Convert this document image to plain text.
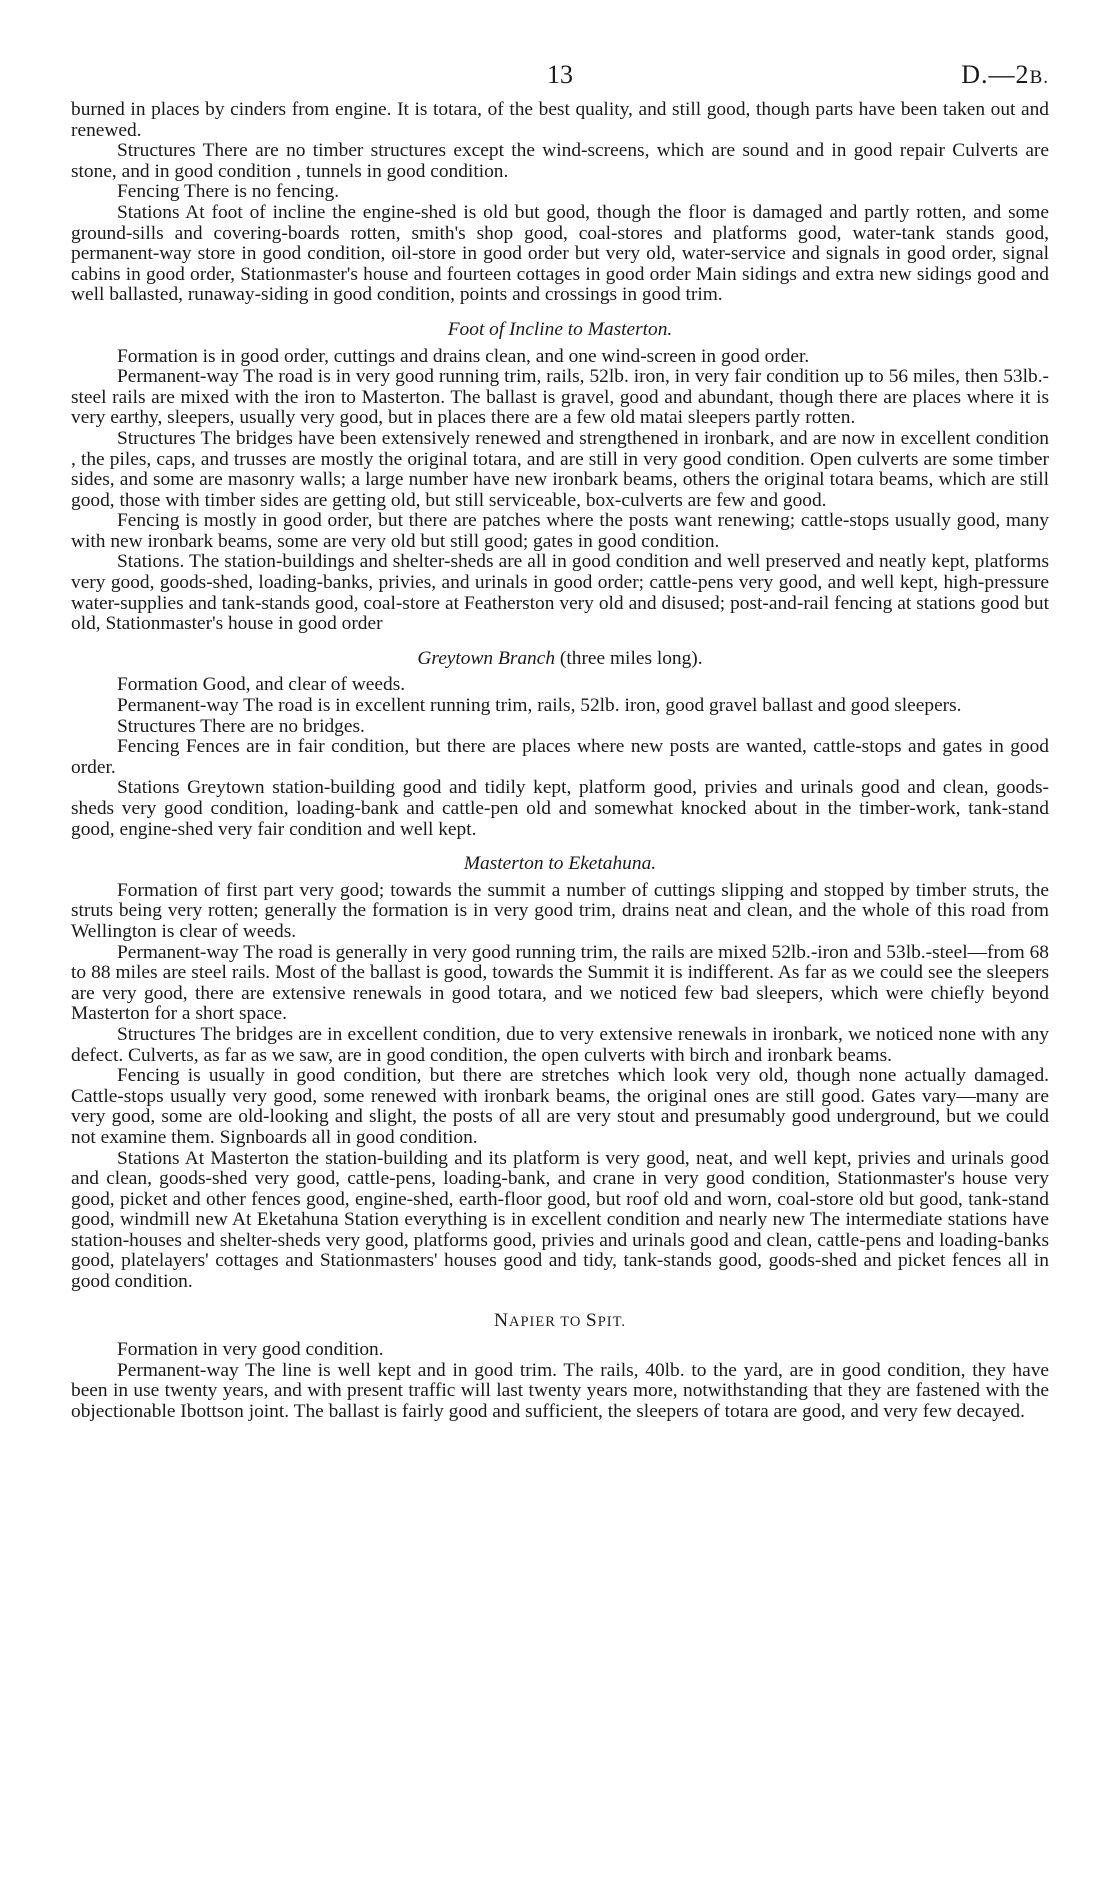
13	D.—2B.

burned in places by cinders from engine. It is totara, of the best quality, and still good, though parts have been taken out and renewed.

Structures There are no timber structures except the wind-screens, which are sound and in good repair Culverts are stone, and in good condition , tunnels in good condition.

Fencing There is no fencing.

Stations At foot of incline the engine-shed is old but good, though the floor is damaged and partly rotten, and some ground-sills and covering-boards rotten, smith's shop good, coal-stores and platforms good, water-tank stands good, permanent-way store in good condition, oil-store in good order but very old, water-service and signals in good order, signal cabins in good order, Stationmaster's house and fourteen cottages in good order Main sidings and extra new sidings good and well ballasted, runaway-siding in good condition, points and crossings in good trim.

Foot of Incline to Masterton.

Formation is in good order, cuttings and drains clean, and one wind-screen in good order.

Permanent-way The road is in very good running trim, rails, 52lb. iron, in very fair condition up to 56 miles, then 53lb.-steel rails are mixed with the iron to Masterton. The ballast is gravel, good and abundant, though there are places where it is very earthy, sleepers, usually very good, but in places there are a few old matai sleepers partly rotten.

Structures The bridges have been extensively renewed and strengthened in ironbark, and are now in excellent condition , the piles, caps, and trusses are mostly the original totara, and are still in very good condition. Open culverts are some timber sides, and some are masonry walls; a large number have new ironbark beams, others the original totara beams, which are still good, those with timber sides are getting old, but still serviceable, box-culverts are few and good.

Fencing is mostly in good order, but there are patches where the posts want renewing; cattle-stops usually good, many with new ironbark beams, some are very old but still good; gates in good condition.

Stations. The station-buildings and shelter-sheds are all in good condition and well preserved and neatly kept, platforms very good, goods-shed, loading-banks, privies, and urinals in good order; cattle-pens very good, and well kept, high-pressure water-supplies and tank-stands good, coal-store at Featherston very old and disused; post-and-rail fencing at stations good but old, Stationmaster's house in good order

Greytown Branch (three miles long).

Formation Good, and clear of weeds.

Permanent-way The road is in excellent running trim, rails, 52lb. iron, good gravel ballast and good sleepers.

Structures There are no bridges.

Fencing Fences are in fair condition, but there are places where new posts are wanted, cattle-stops and gates in good order.

Stations Greytown station-building good and tidily kept, platform good, privies and urinals good and clean, goods-sheds very good condition, loading-bank and cattle-pen old and somewhat knocked about in the timber-work, tank-stand good, engine-shed very fair condition and well kept.

Masterton to Eketahuna.

Formation of first part very good; towards the summit a number of cuttings slipping and stopped by timber struts, the struts being very rotten; generally the formation is in very good trim, drains neat and clean, and the whole of this road from Wellington is clear of weeds.

Permanent-way The road is generally in very good running trim, the rails are mixed 52lb.-iron and 53lb.-steel—from 68 to 88 miles are steel rails. Most of the ballast is good, towards the Summit it is indifferent. As far as we could see the sleepers are very good, there are extensive renewals in good totara, and we noticed few bad sleepers, which were chiefly beyond Masterton for a short space.

Structures The bridges are in excellent condition, due to very extensive renewals in ironbark, we noticed none with any defect. Culverts, as far as we saw, are in good condition, the open culverts with birch and ironbark beams.

Fencing is usually in good condition, but there are stretches which look very old, though none actually damaged. Cattle-stops usually very good, some renewed with ironbark beams, the original ones are still good. Gates vary—many are very good, some are old-looking and slight, the posts of all are very stout and presumably good underground, but we could not examine them. Signboards all in good condition.

Stations At Masterton the station-building and its platform is very good, neat, and well kept, privies and urinals good and clean, goods-shed very good, cattle-pens, loading-bank, and crane in very good condition, Stationmaster's house very good, picket and other fences good, engine-shed, earth-floor good, but roof old and worn, coal-store old but good, tank-stand good, windmill new At Eketahuna Station everything is in excellent condition and nearly new The intermediate stations have station-houses and shelter-sheds very good, platforms good, privies and urinals good and clean, cattle-pens and loading-banks good, platelayers' cottages and Stationmasters' houses good and tidy, tank-stands good, goods-shed and picket fences all in good condition.

NAPIER TO SPIT.

Formation in very good condition.

Permanent-way The line is well kept and in good trim. The rails, 40lb. to the yard, are in good condition, they have been in use twenty years, and with present traffic will last twenty years more, notwithstanding that they are fastened with the objectionable Ibottson joint. The ballast is fairly good and sufficient, the sleepers of totara are good, and very few decayed.
